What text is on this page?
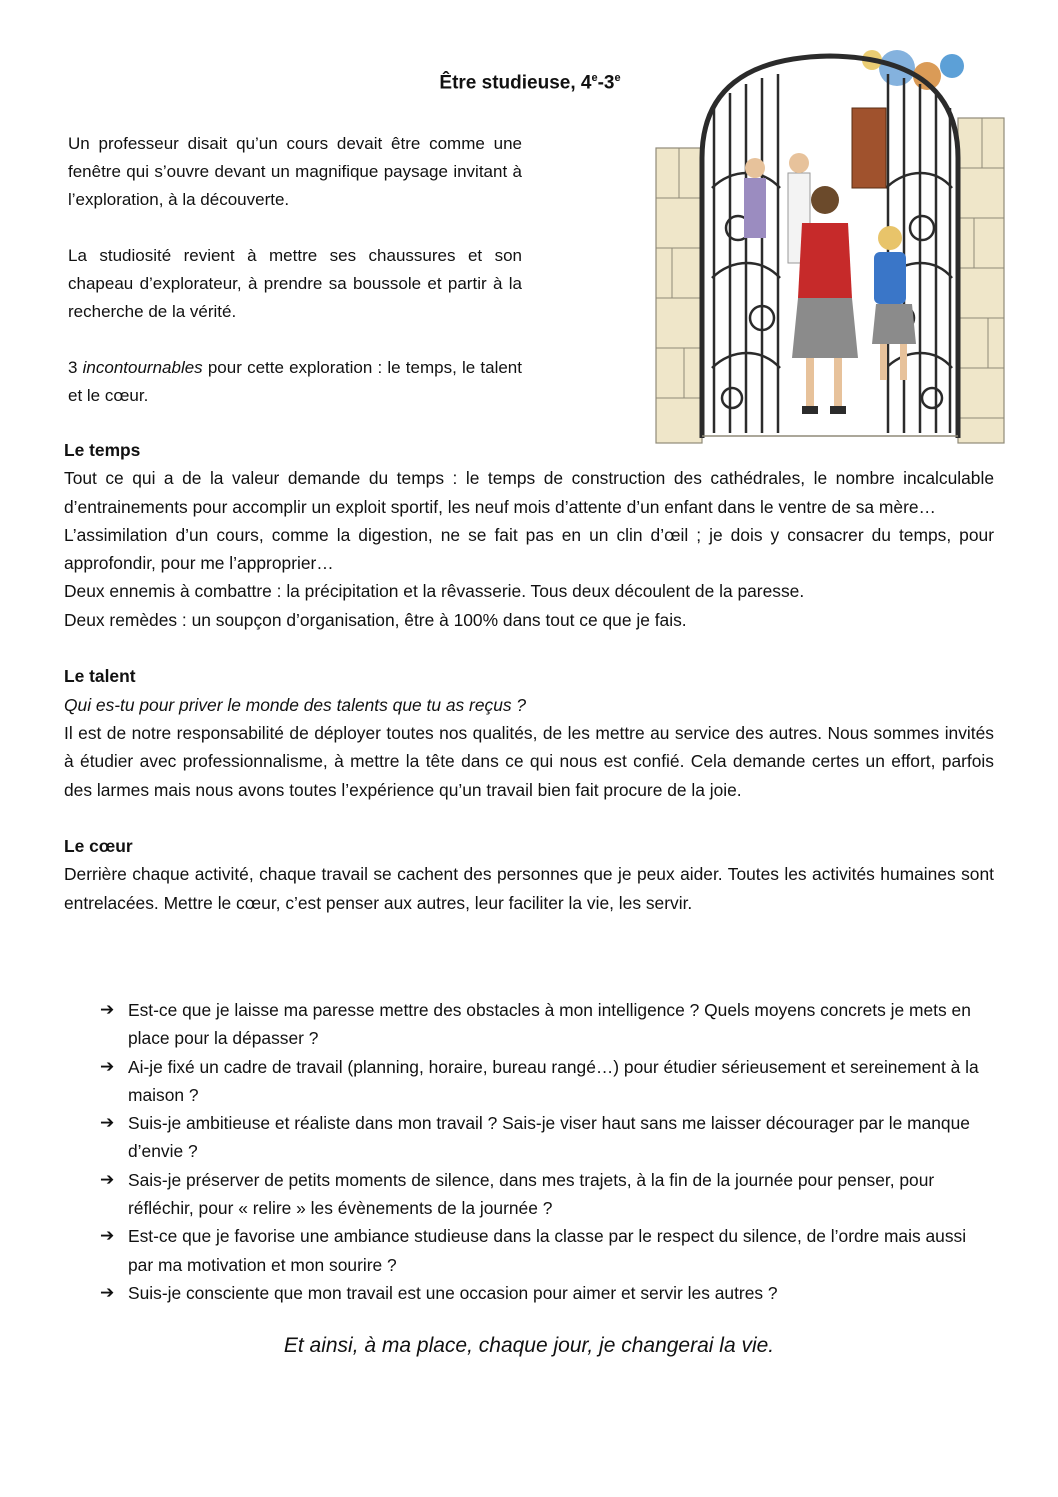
Être studieuse, 4e-3e

Un professeur disait qu’un cours devait être comme une fenêtre qui s’ouvre devant un magnifique paysage invitant à l’exploration, à la découverte.

La studiosité revient à mettre ses chaussures et son chapeau d’explorateur, à prendre sa boussole et partir à la recherche de la vérité.

3 incontournables pour cette exploration : le temps, le talent et le cœur.

Le temps

Tout ce qui a de la valeur demande du temps : le temps de construction des cathédrales, le nombre incalculable d’entrainements pour accomplir un exploit sportif, les neuf mois d’attente d’un enfant dans le ventre de sa mère…

L’assimilation d’un cours, comme la digestion, ne se fait pas en un clin d’œil ; je dois y consacrer du temps, pour approfondir, pour me l’approprier…

Deux ennemis à combattre : la précipitation et la rêvasserie. Tous deux découlent de la paresse.

Deux remèdes : un soupçon d’organisation, être à 100% dans tout ce que je fais.

Le talent

Qui es-tu pour priver le monde des talents que tu as reçus ?

Il est de notre responsabilité de déployer toutes nos qualités, de les mettre au service des autres. Nous sommes invités à étudier avec professionnalisme, à mettre la tête dans ce qui nous est confié. Cela demande certes un effort, parfois des larmes mais nous avons toutes l’expérience qu’un travail bien fait procure de la joie.

Le cœur

Derrière chaque activité, chaque travail se cachent des personnes que je peux aider. Toutes les activités humaines sont entrelacées. Mettre le cœur, c’est penser aux autres, leur faciliter la vie, les servir.

➔ Est-ce que je laisse ma paresse mettre des obstacles à mon intelligence ? Quels moyens concrets je mets en place pour la dépasser ?
➔ Ai-je fixé un cadre de travail (planning, horaire, bureau rangé…) pour étudier sérieusement et sereinement à la maison ?
➔ Suis-je ambitieuse et réaliste dans mon travail ? Sais-je viser haut sans me laisser décourager par le manque d’envie ?
➔ Sais-je préserver de petits moments de silence, dans mes trajets, à la fin de la journée pour penser, pour réfléchir, pour « relire » les évènements de la journée ?
➔ Est-ce que je favorise une ambiance studieuse dans la classe par le respect du silence, de l’ordre mais aussi par ma motivation et mon sourire ?
➔ Suis-je consciente que mon travail est une occasion pour aimer et servir les autres ?
Et ainsi, à ma place, chaque jour, je changerai la vie.
